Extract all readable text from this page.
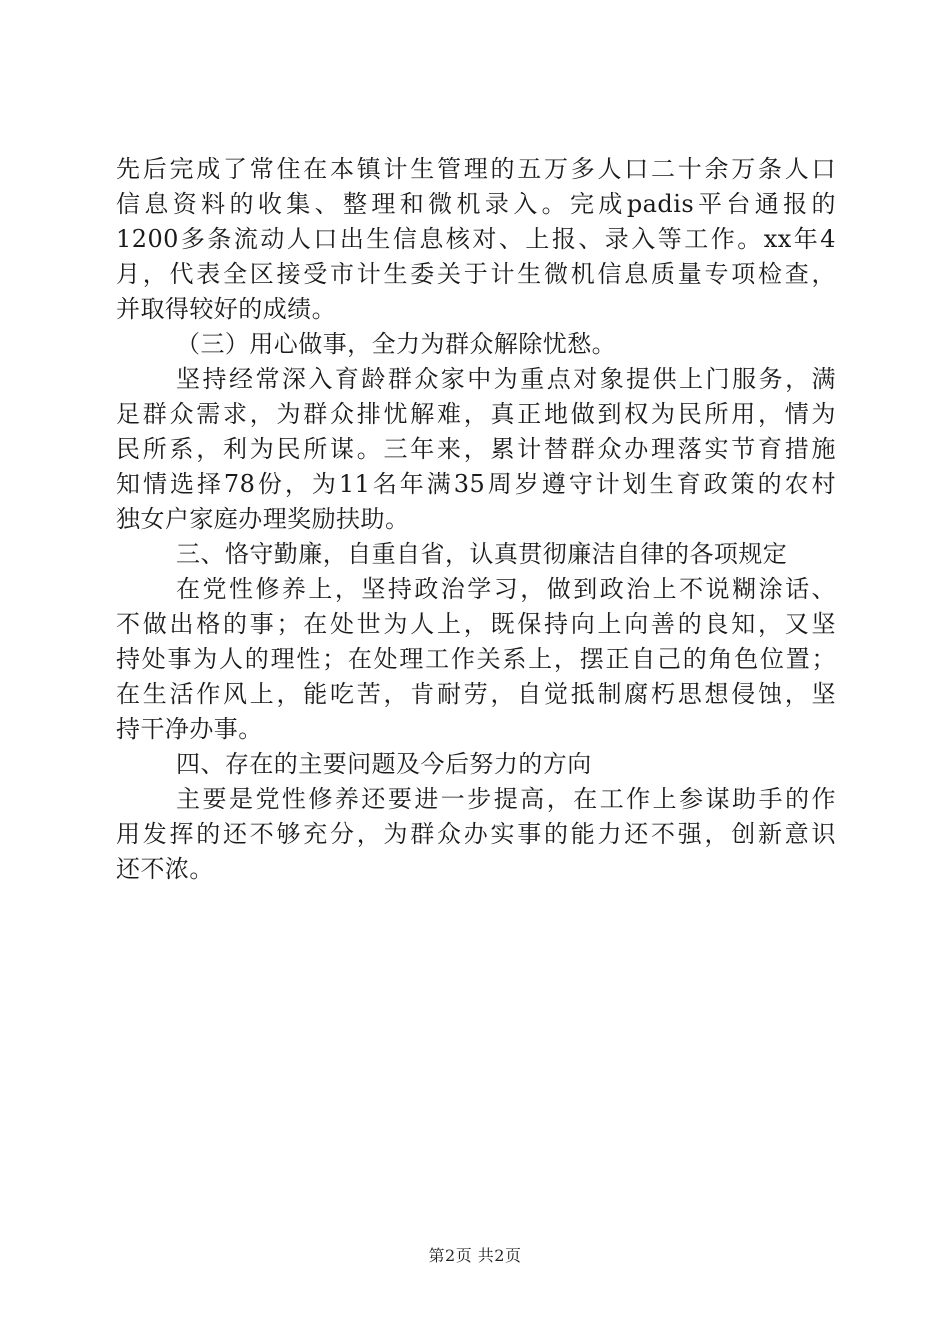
先后完成了常住在本镇计生管理的五万多人口二十余万条人口
信息资料的收集、整理和微机录入。完成padis平台通报的
1200多条流动人口出生信息核对、上报、录入等工作。xx年4
月，代表全区接受市计生委关于计生微机信息质量专项检查，
并取得较好的成绩。
（三）用心做事，全力为群众解除忧愁。
坚持经常深入育龄群众家中为重点对象提供上门服务，满
足群众需求，为群众排忧解难，真正地做到权为民所用，情为
民所系，利为民所谋。三年来，累计替群众办理落实节育措施
知情选择78份，为11名年满35周岁遵守计划生育政策的农村
独女户家庭办理奖励扶助。
三、恪守勤廉，自重自省，认真贯彻廉洁自律的各项规定
在党性修养上，坚持政治学习，做到政治上不说糊涂话、
不做出格的事；在处世为人上，既保持向上向善的良知，又坚
持处事为人的理性；在处理工作关系上，摆正自己的角色位置；
在生活作风上，能吃苦，肯耐劳，自觉抵制腐朽思想侵蚀，坚
持干净办事。
四、存在的主要问题及今后努力的方向
主要是党性修养还要进一步提高，在工作上参谋助手的作
用发挥的还不够充分，为群众办实事的能力还不强，创新意识
还不浓。
第2页 共2页
